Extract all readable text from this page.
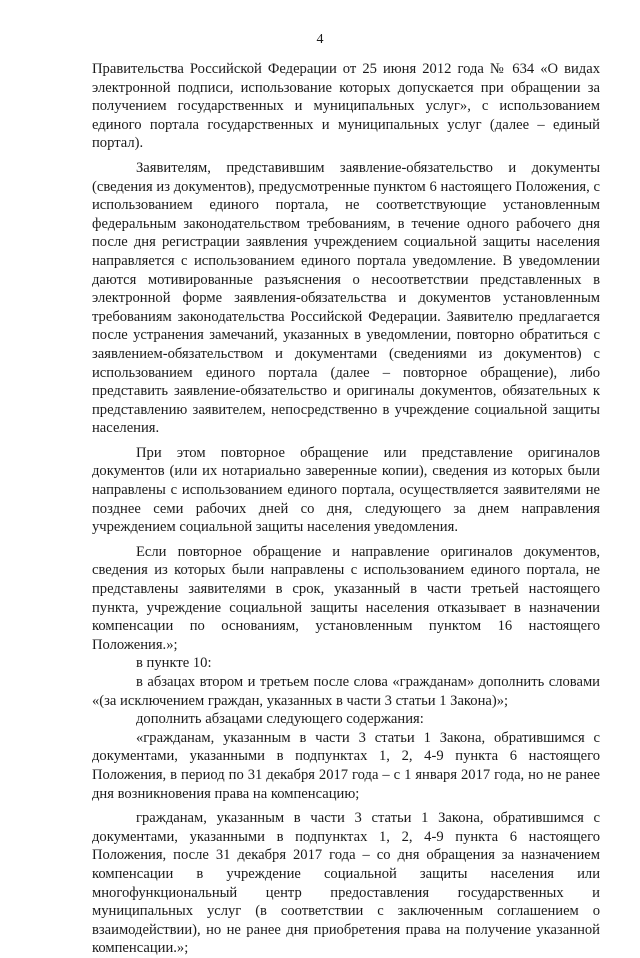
4

Правительства Российской Федерации от 25 июня 2012 года № 634 «О видах электронной подписи, использование которых допускается при обращении за получением государственных и муниципальных услуг», с использованием единого портала государственных и муниципальных услуг (далее – единый портал).

Заявителям, представившим заявление-обязательство и документы (сведения из документов), предусмотренные пунктом 6 настоящего Положения, с использованием единого портала, не соответствующие установленным федеральным законодательством требованиям, в течение одного рабочего дня после дня регистрации заявления учреждением социальной защиты населения направляется с использованием единого портала уведомление. В уведомлении даются мотивированные разъяснения о несоответствии представленных в электронной форме заявления-обязательства и документов установленным требованиям законодательства Российской Федерации. Заявителю предлагается после устранения замечаний, указанных в уведомлении, повторно обратиться с заявлением-обязательством и документами (сведениями из документов) с использованием единого портала (далее – повторное обращение), либо представить заявление-обязательство и оригиналы документов, обязательных к представлению заявителем, непосредственно в учреждение социальной защиты населения.

При этом повторное обращение или представление оригиналов документов (или их нотариально заверенные копии), сведения из которых были направлены с использованием единого портала, осуществляется заявителями не позднее семи рабочих дней со дня, следующего за днем направления учреждением социальной защиты населения уведомления.

Если повторное обращение и направление оригиналов документов, сведения из которых были направлены с использованием единого портала, не представлены заявителями в срок, указанный в части третьей настоящего пункта, учреждение социальной защиты населения отказывает в назначении компенсации по основаниям, установленным пунктом 16 настоящего Положения.»;

в пункте 10:

в абзацах втором и третьем после слова «гражданам» дополнить словами «(за исключением граждан, указанных в части 3 статьи 1 Закона)»;

дополнить абзацами следующего содержания:

«гражданам, указанным в части 3 статьи 1 Закона, обратившимся с документами, указанными в подпунктах 1, 2, 4-9 пункта 6 настоящего Положения, в период по 31 декабря 2017 года – с 1 января 2017 года, но не ранее дня возникновения права на компенсацию;

гражданам, указанным в части 3 статьи 1 Закона, обратившимся с документами, указанными в подпунктах 1, 2, 4-9 пункта 6 настоящего Положения, после 31 декабря 2017 года – со дня обращения за назначением компенсации в учреждение социальной защиты населения или многофункциональный центр предоставления государственных и муниципальных услуг (в соответствии с заключенным соглашением о взаимодействии), но не ранее дня приобретения права на получение указанной компенсации.»;
